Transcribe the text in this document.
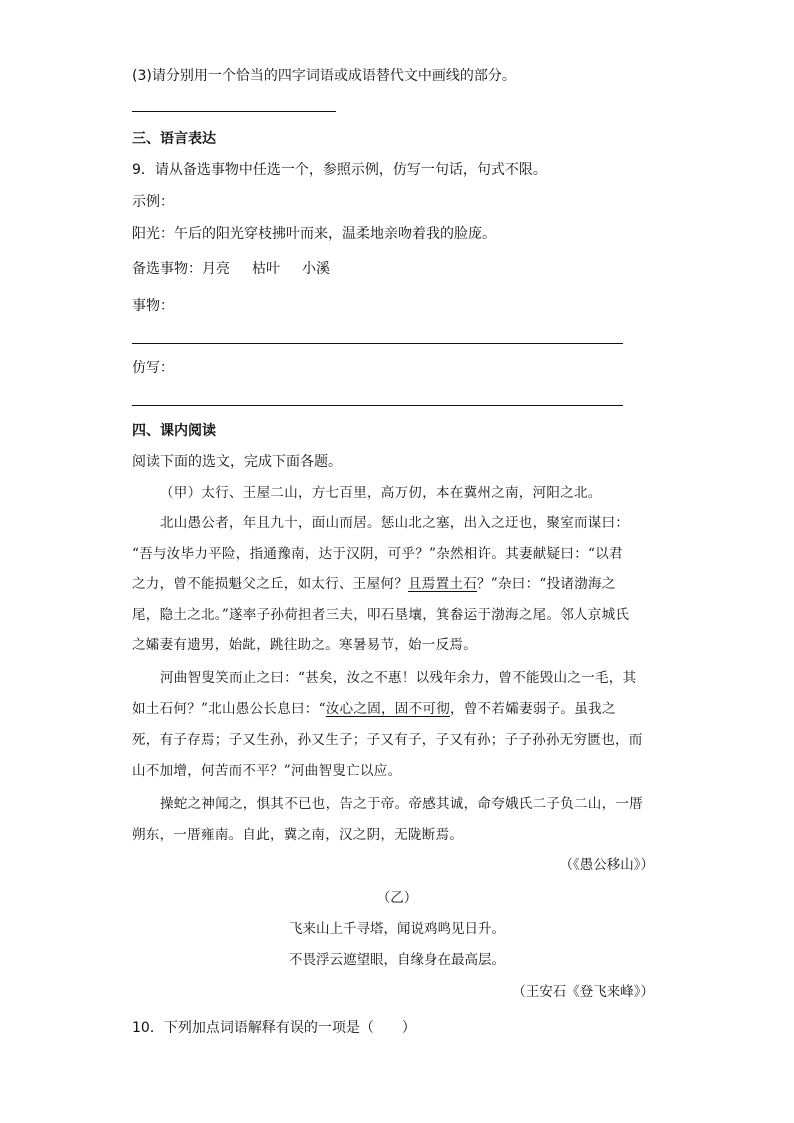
(3)请分别用一个恰当的四字词语或成语替代文中画线的部分。
三、语言表达
9．请从备选事物中任选一个，参照示例，仿写一句话，句式不限。
示例：
阳光：午后的阳光穿枝拂叶而来，温柔地亲吻着我的脸庞。
备选事物：月亮 枯叶 小溪
事物：
仿写：
四、课内阅读
阅读下面的选文，完成下面各题。
（甲）太行、王屋二山，方七百里，高万仞，本在冀州之南，河阳之北。
北山愚公者，年且九十，面山而居。惩山北之塞，出入之迂也，聚室而谋曰：
“吾与汝毕力平险，指通豫南，达于汉阴，可乎？”杂然相许。其妻献疑曰：“以君
之力，曾不能损魁父之丘，如太行、王屋何？且焉置土石？”杂曰：“投诸渤海之
尾，隐土之北。”遂率子孙荷担者三夫，叩石垦壤，箕畚运于渤海之尾。邻人京城氏
之孀妻有遗男，始龀，跳往助之。寒暑易节，始一反焉。
河曲智叟笑而止之曰：“甚矣，汝之不惠！以残年余力，曾不能毁山之一毛，其
如土石何？”北山愚公长息曰：“汝心之固，固不可彻，曾不若孀妻弱子。虽我之
死，有子存焉；子又生孙，孙又生子；子又有子，子又有孙；子子孙孙无穷匮也，而
山不加增，何苦而不平？”河曲智叟亡以应。
操蛇之神闻之，惧其不已也，告之于帝。帝感其诚，命夸娥氏二子负二山，一厝
朔东，一厝雍南。自此，冀之南，汉之阴，无陇断焉。
（《愚公移山》）
（乙）
飞来山上千寻塔，闻说鸡鸣见日升。
不畏浮云遮望眼，自缘身在最高层。
（王安石《登飞来峰》）
10．下列加点词语解释有误的一项是（　　）
